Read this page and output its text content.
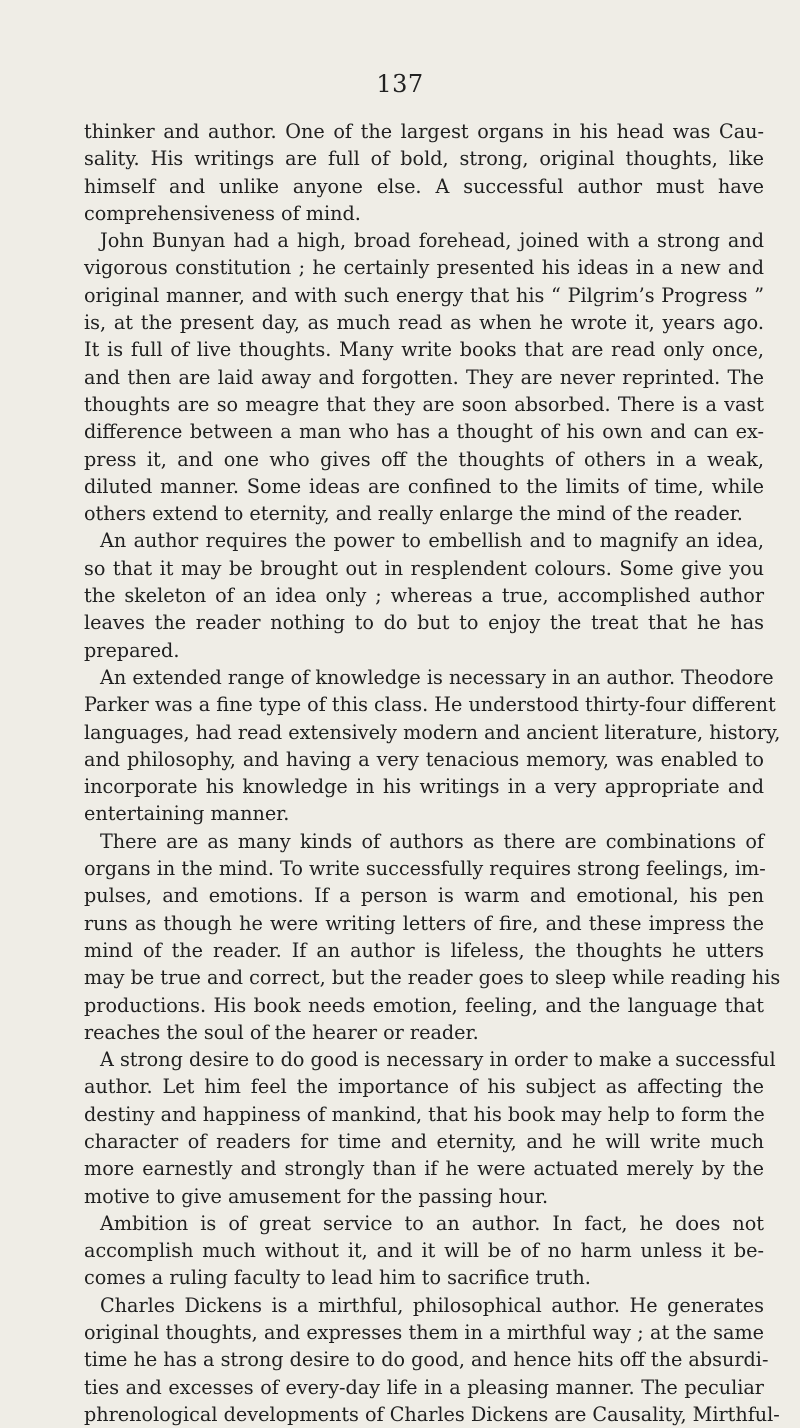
137
thinker and author. One of the largest organs in his head was Cau-
sality. His writings are full of bold, strong, original thoughts, like
himself and unlike anyone else. A successful author must have
comprehensiveness of mind.
John Bunyan had a high, broad forehead, joined with a strong and
vigorous constitution ; he certainly presented his ideas in a new and
original manner, and with such energy that his “ Pilgrim’s Progress ”
is, at the present day, as much read as when he wrote it, years ago.
It is full of live thoughts. Many write books that are read only once,
and then are laid away and forgotten. They are never reprinted. The
thoughts are so meagre that they are soon absorbed. There is a vast
difference between a man who has a thought of his own and can ex-
press it, and one who gives off the thoughts of others in a weak,
diluted manner. Some ideas are confined to the limits of time, while
others extend to eternity, and really enlarge the mind of the reader.
An author requires the power to embellish and to magnify an idea,
so that it may be brought out in resplendent colours. Some give you
the skeleton of an idea only ; whereas a true, accomplished author
leaves the reader nothing to do but to enjoy the treat that he has
prepared.
An extended range of knowledge is necessary in an author. Theodore
Parker was a fine type of this class. He understood thirty-four different
languages, had read extensively modern and ancient literature, history,
and philosophy, and having a very tenacious memory, was enabled to
incorporate his knowledge in his writings in a very appropriate and
entertaining manner.
There are as many kinds of authors as there are combinations of
organs in the mind. To write successfully requires strong feelings, im-
pulses, and emotions. If a person is warm and emotional, his pen
runs as though he were writing letters of fire, and these impress the
mind of the reader. If an author is lifeless, the thoughts he utters
may be true and correct, but the reader goes to sleep while reading his
productions. His book needs emotion, feeling, and the language that
reaches the soul of the hearer or reader.
A strong desire to do good is necessary in order to make a successful
author. Let him feel the importance of his subject as affecting the
destiny and happiness of mankind, that his book may help to form the
character of readers for time and eternity, and he will write much
more earnestly and strongly than if he were actuated merely by the
motive to give amusement for the passing hour.
Ambition is of great service to an author. In fact, he does not
accomplish much without it, and it will be of no harm unless it be-
comes a ruling faculty to lead him to sacrifice truth.
Charles Dickens is a mirthful, philosophical author. He generates
original thoughts, and expresses them in a mirthful way ; at the same
time he has a strong desire to do good, and hence hits off the absurdi-
ties and excesses of every-day life in a pleasing manner. The peculiar
phrenological developments of Charles Dickens are Causality, Mirthful-
